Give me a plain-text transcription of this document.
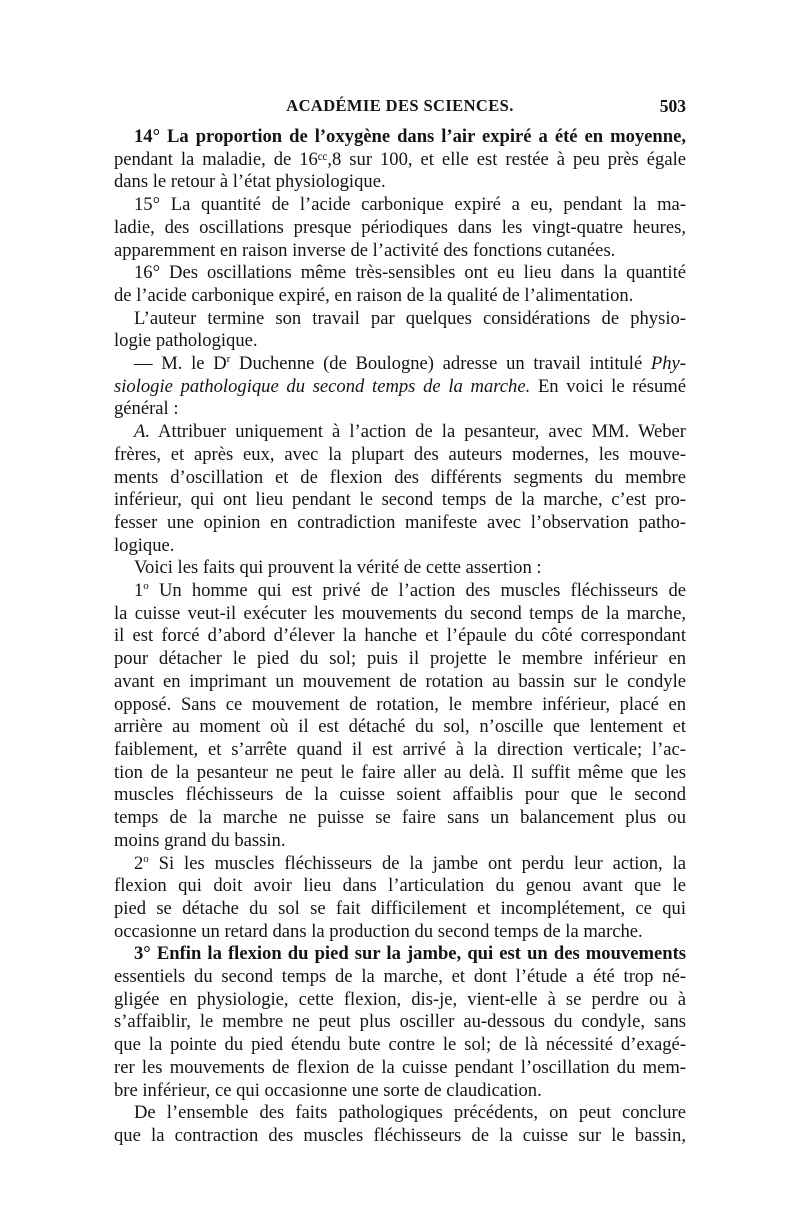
ACADÉMIE DES SCIENCES.	503

14° La proportion de l’oxygène dans l’air expiré a été en moyenne,
pendant la maladie, de 16ᶜᶜ,8 sur 100, et elle est restée à peu près égale
dans le retour à l’état physiologique.

15° La quantité de l’acide carbonique expiré a eu, pendant la ma-
ladie, des oscillations presque périodiques dans les vingt-quatre heures,
apparemment en raison inverse de l’activité des fonctions cutanées.

16° Des oscillations même très-sensibles ont eu lieu dans la quantité
de l’acide carbonique expiré, en raison de la qualité de l’alimentation.

L’auteur termine son travail par quelques considérations de physio-
logie pathologique.

— M. le $D^r$ Duchenne (de Boulogne) adresse un travail intitulé Phy-
siologie pathologique du second temps de la marche. En voici le résumé
général :

A. Attribuer uniquement à l’action de la pesanteur, avec MM. Weber
frères, et après eux, avec la plupart des auteurs modernes, les mouve-
ments d’oscillation et de flexion des différents segments du membre
inférieur, qui ont lieu pendant le second temps de la marche, c’est pro-
fesser une opinion en contradiction manifeste avec l’observation patho-
logique.

Voici les faits qui prouvent la vérité de cette assertion :

1$^o$ Un homme qui est privé de l’action des muscles fléchisseurs de
la cuisse veut-il exécuter les mouvements du second temps de la marche,
il est forcé d’abord d’élever la hanche et l’épaule du côté correspondant
pour détacher le pied du sol; puis il projette le membre inférieur en
avant en imprimant un mouvement de rotation au bassin sur le condyle
opposé. Sans ce mouvement de rotation, le membre inférieur, placé en
arrière au moment où il est détaché du sol, n’oscille que lentement et
faiblement, et s’arrête quand il est arrivé à la direction verticale; l’ac-
tion de la pesanteur ne peut le faire aller au delà. Il suffit même que les
muscles fléchisseurs de la cuisse soient affaiblis pour que le second
temps de la marche ne puisse se faire sans un balancement plus ou
moins grand du bassin.

2$^o$ Si les muscles fléchisseurs de la jambe ont perdu leur action, la
flexion qui doit avoir lieu dans l’articulation du genou avant que le
pied se détache du sol se fait difficilement et incomplétement, ce qui
occasionne un retard dans la production du second temps de la marche.

3° Enfin la flexion du pied sur la jambe, qui est un des mouvements
essentiels du second temps de la marche, et dont l’étude a été trop né-
gligée en physiologie, cette flexion, dis-je, vient-elle à se perdre ou à
s’affaiblir, le membre ne peut plus osciller au-dessous du condyle, sans
que la pointe du pied étendu bute contre le sol; de là nécessité d’exagé-
rer les mouvements de flexion de la cuisse pendant l’oscillation du mem-
bre inférieur, ce qui occasionne une sorte de claudication.

De l’ensemble des faits pathologiques précédents, on peut conclure
que la contraction des muscles fléchisseurs de la cuisse sur le bassin,
